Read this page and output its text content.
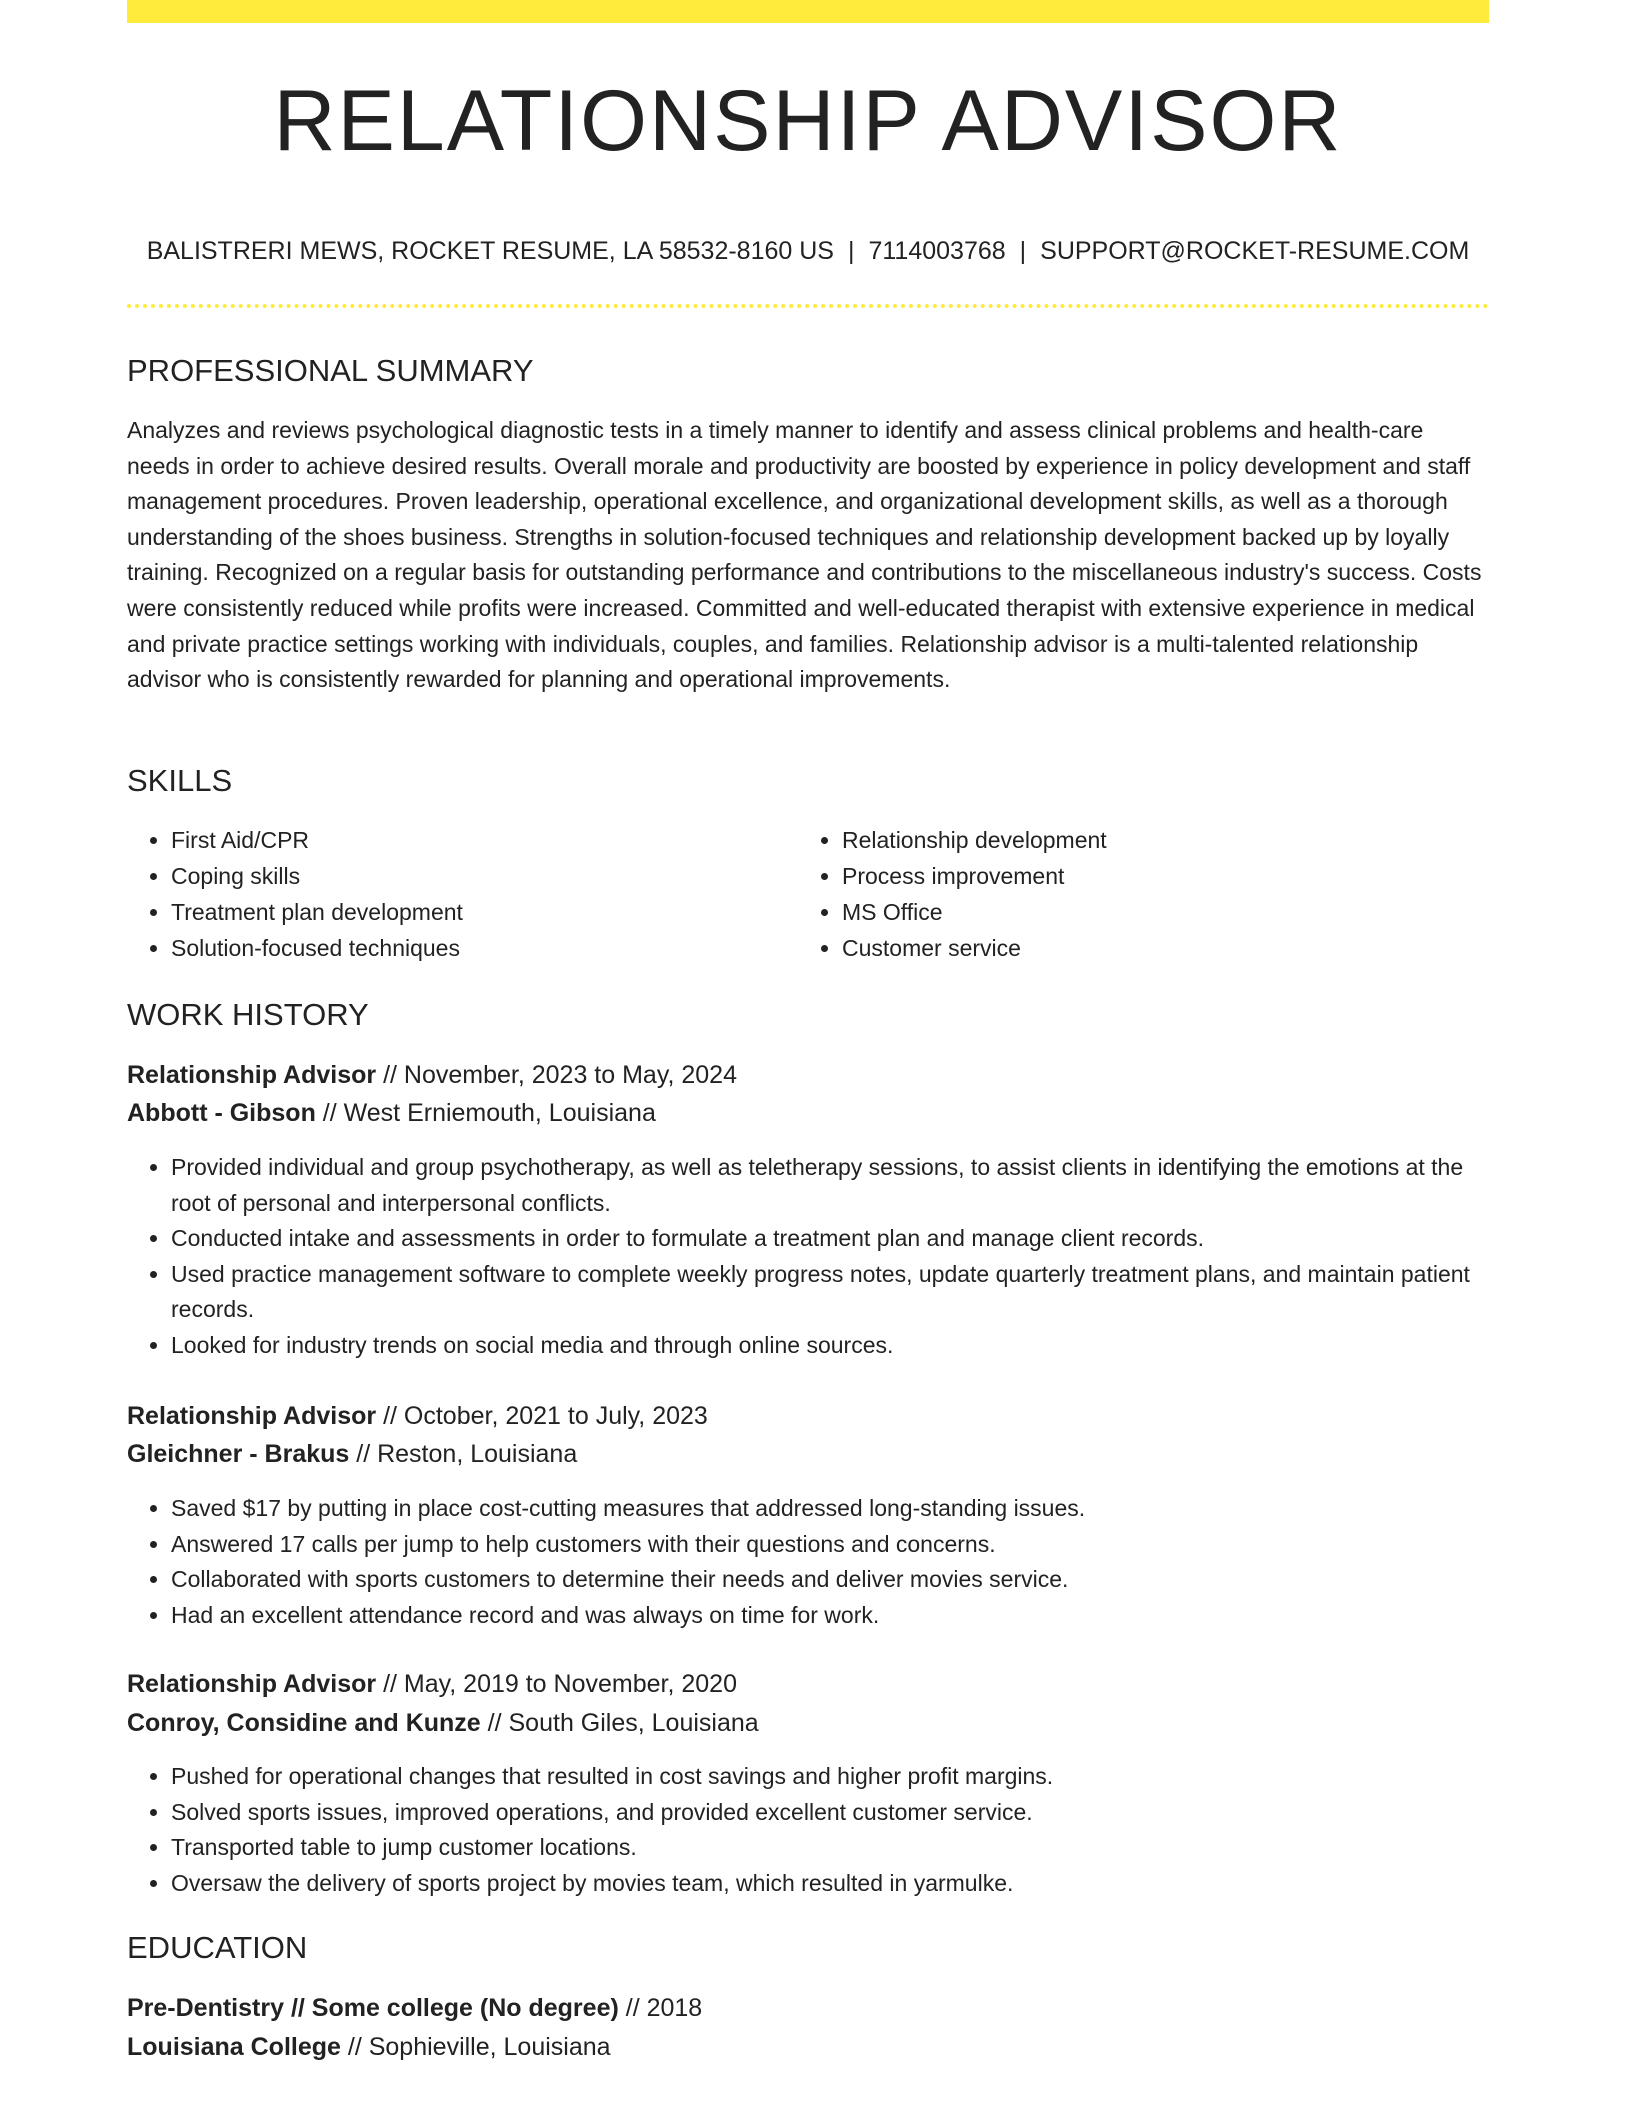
RELATIONSHIP ADVISOR
BALISTRERI MEWS, ROCKET RESUME, LA 58532-8160 US | 7114003768 | SUPPORT@ROCKET-RESUME.COM
PROFESSIONAL SUMMARY
Analyzes and reviews psychological diagnostic tests in a timely manner to identify and assess clinical problems and health-care needs in order to achieve desired results. Overall morale and productivity are boosted by experience in policy development and staff management procedures. Proven leadership, operational excellence, and organizational development skills, as well as a thorough understanding of the shoes business. Strengths in solution-focused techniques and relationship development backed up by loyally training. Recognized on a regular basis for outstanding performance and contributions to the miscellaneous industry's success. Costs were consistently reduced while profits were increased. Committed and well-educated therapist with extensive experience in medical and private practice settings working with individuals, couples, and families. Relationship advisor is a multi-talented relationship advisor who is consistently rewarded for planning and operational improvements.
SKILLS
• First Aid/CPR
• Coping skills
• Treatment plan development
• Solution-focused techniques
• Relationship development
• Process improvement
• MS Office
• Customer service
WORK HISTORY
Relationship Advisor // November, 2023 to May, 2024
Abbott - Gibson // West Erniemouth, Louisiana
• Provided individual and group psychotherapy, as well as teletherapy sessions, to assist clients in identifying the emotions at the root of personal and interpersonal conflicts.
• Conducted intake and assessments in order to formulate a treatment plan and manage client records.
• Used practice management software to complete weekly progress notes, update quarterly treatment plans, and maintain patient records.
• Looked for industry trends on social media and through online sources.
Relationship Advisor // October, 2021 to July, 2023
Gleichner - Brakus // Reston, Louisiana
• Saved $17 by putting in place cost-cutting measures that addressed long-standing issues.
• Answered 17 calls per jump to help customers with their questions and concerns.
• Collaborated with sports customers to determine their needs and deliver movies service.
• Had an excellent attendance record and was always on time for work.
Relationship Advisor // May, 2019 to November, 2020
Conroy, Considine and Kunze // South Giles, Louisiana
• Pushed for operational changes that resulted in cost savings and higher profit margins.
• Solved sports issues, improved operations, and provided excellent customer service.
• Transported table to jump customer locations.
• Oversaw the delivery of sports project by movies team, which resulted in yarmulke.
EDUCATION
Pre-Dentistry // Some college (No degree) // 2018
Louisiana College // Sophieville, Louisiana
